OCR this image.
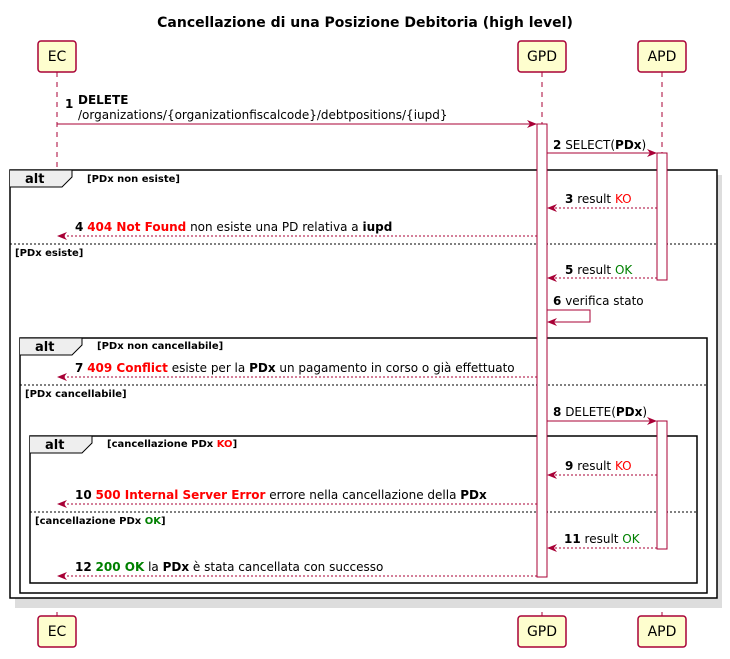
Cancellazione di una Posizione Debitoria (high level)
alt	[PDx non esiste]
[PDx esiste]
alt	[PDx non cancellabile]
[PDx cancellabile]
alt	[cancellazione PDx KO]
[cancellazione PDx OK]
EC	GPD	APD
EC	GPD	APD
1 DELETE
/organizations/{organizationfiscalcode}/debtpositions/{iupd}
2 SELECT(PDx)
3 result KO
4 404 Not Found non esiste una PD relativa a iupd
5 result OK
6 verifica stato
7 409 Conflict esiste per la PDx un pagamento in corso o già effettuato
8 DELETE(PDx)
9 result KO
10 500 Internal Server Error errore nella cancellazione della PDx
11 result OK
12 200 OK la PDx è stata cancellata con successo
